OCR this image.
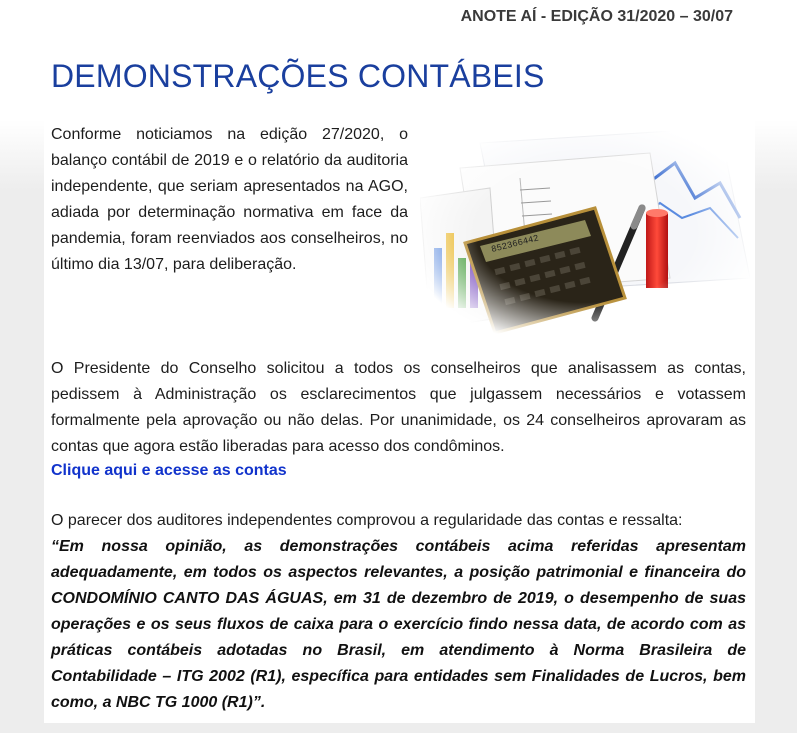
ANOTE AÍ - EDIÇÃO 31/2020 – 30/07
DEMONSTRAÇÕES CONTÁBEIS
Conforme noticiamos na edição 27/2020, o balanço contábil de 2019 e o relatório da auditoria independente, que seriam apresentados na AGO, adiada por determinação normativa em face da pandemia, foram reenviados aos conselheiros, no último dia 13/07, para deliberação.
O Presidente do Conselho solicitou a todos os conselheiros que analisassem as contas, pedissem à Administração os esclarecimentos que julgassem necessários e votassem formalmente pela aprovação ou não delas. Por unanimidade, os 24 conselheiros aprovaram as contas que agora estão liberadas para acesso dos condôminos.
Clique aqui e acesse as contas
O parecer dos auditores independentes comprovou a regularidade das contas e ressalta:
“Em nossa opinião, as demonstrações contábeis acima referidas apresentam adequadamente, em todos os aspectos relevantes, a posição patrimonial e financeira do CONDOMÍNIO CANTO DAS ÁGUAS, em 31 de dezembro de 2019, o desempenho de suas operações e os seus fluxos de caixa para o exercício findo nessa data, de acordo com as práticas contábeis adotadas no Brasil, em atendimento à Norma Brasileira de Contabilidade – ITG 2002 (R1), específica para entidades sem Finalidades de Lucros, bem como, a NBC TG 1000 (R1)”.
